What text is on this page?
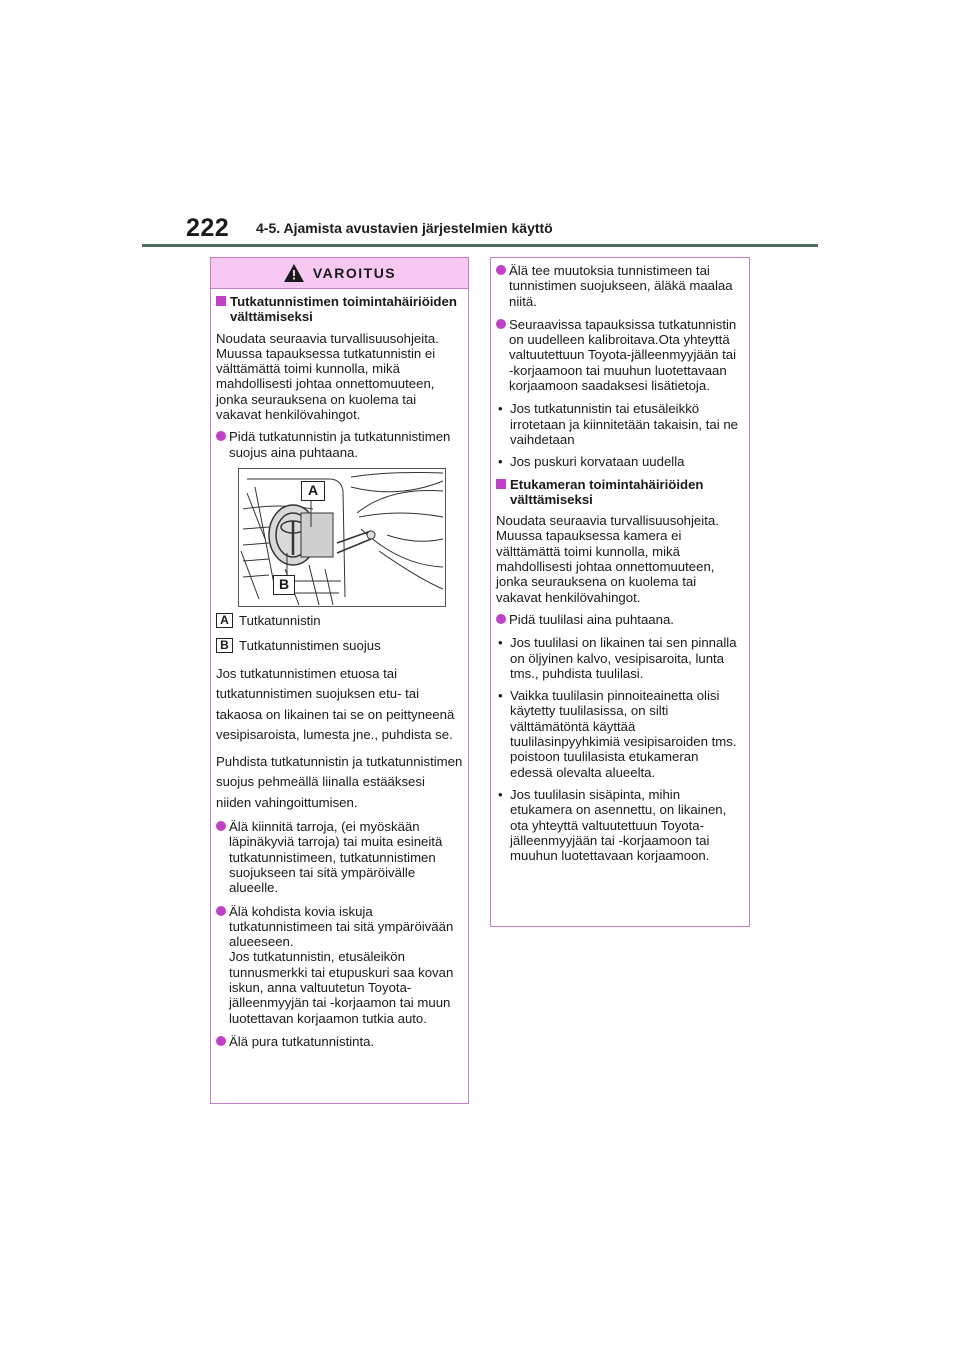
222 4-5. Ajamista avustavien järjestelmien käyttö
VAROITUS
Tutkatunnistimen toimintahäiriöiden välttämiseksi

Noudata seuraavia turvallisuusohjeita. Muussa tapauksessa tutkatunnistin ei välttämättä toimi kunnolla, mikä mahdollisesti johtaa onnettomuuteen, jonka seurauksena on kuolema tai vakavat henkilövahingot.

Pidä tutkatunnistin ja tutkatunnistimen suojus aina puhtaana.
A
B
A Tutkatunnistin
B Tutkatunnistimen suojus

Jos tutkatunnistimen etuosa tai tutkatunnistimen suojuksen etu- tai takaosa on likainen tai se on peittyneenä vesipisaroista, lumesta jne., puhdista se.

Puhdista tutkatunnistin ja tutkatunnistimen suojus pehmeällä liinalla estääksesi niiden vahingoittumisen.

Älä kiinnitä tarroja, (ei myöskään läpinäkyviä tarroja) tai muita esineitä tutkatunnistimeen, tutkatunnistimen suojukseen tai sitä ympäröivälle alueelle.
Älä kohdista kovia iskuja tutkatunnistimeen tai sitä ympäröivään alueeseen.
Jos tutkatunnistin, etusäleikön tunnusmerkki tai etupuskuri saa kovan iskun, anna valtuutetun Toyota-jälleenmyyjän tai -korjaamon tai muun luotettavan korjaamon tutkia auto.
Älä pura tutkatunnistinta.
Älä tee muutoksia tunnistimeen tai tunnistimen suojukseen, äläkä maalaa niitä.
Seuraavissa tapauksissa tutkatunnistin on uudelleen kalibroitava.Ota yhteyttä valtuutettuun Toyota-jälleenmyyjään tai -korjaamoon tai muuhun luotettavaan korjaamoon saadaksesi lisätietoja.
• Jos tutkatunnistin tai etusäleikkö irrotetaan ja kiinnitetään takaisin, tai ne vaihdetaan
• Jos puskuri korvataan uudella
Etukameran toimintahäiriöiden välttämiseksi

Noudata seuraavia turvallisuusohjeita. Muussa tapauksessa kamera ei välttämättä toimi kunnolla, mikä mahdollisesti johtaa onnettomuuteen, jonka seurauksena on kuolema tai vakavat henkilövahingot.

Pidä tuulilasi aina puhtaana.
• Jos tuulilasi on likainen tai sen pinnalla on öljyinen kalvo, vesipisaroita, lunta tms., puhdista tuulilasi.
• Vaikka tuulilasin pinnoiteainetta olisi käytetty tuulilasissa, on silti välttämätöntä käyttää tuulilasinpyyhkimiä vesipisaroiden tms.
poistoon tuulilasista etukameran edessä olevalta alueelta.
• Jos tuulilasin sisäpinta, mihin etukamera on asennettu, on likainen, ota yhteyttä valtuutettuun Toyota-jälleenmyyjään tai -korjaamoon tai muuhun luotettavaan korjaamoon.
